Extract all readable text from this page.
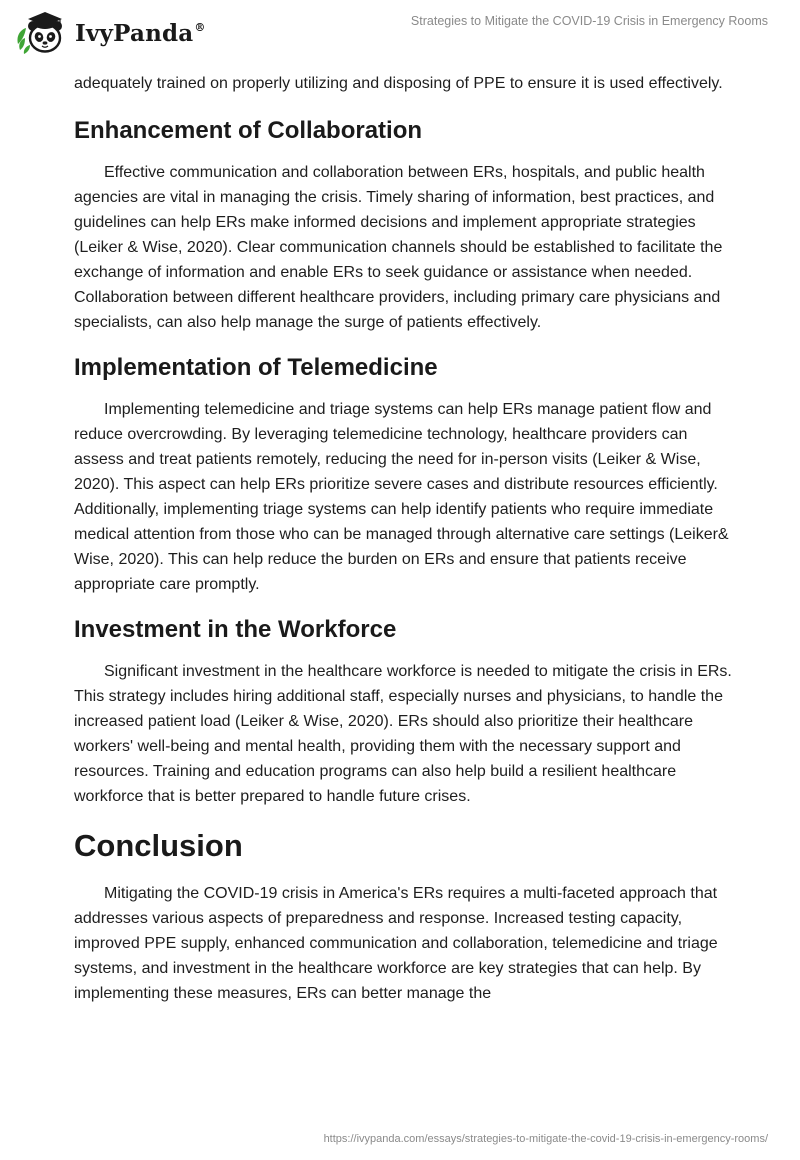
IvyPanda®	Strategies to Mitigate the COVID-19 Crisis in Emergency Rooms

adequately trained on properly utilizing and disposing of PPE to ensure it is used effectively.

Enhancement of Collaboration

Effective communication and collaboration between ERs, hospitals, and public health agencies are vital in managing the crisis. Timely sharing of information, best practices, and guidelines can help ERs make informed decisions and implement appropriate strategies (Leiker & Wise, 2020). Clear communication channels should be established to facilitate the exchange of information and enable ERs to seek guidance or assistance when needed. Collaboration between different healthcare providers, including primary care physicians and specialists, can also help manage the surge of patients effectively.

Implementation of Telemedicine

Implementing telemedicine and triage systems can help ERs manage patient flow and reduce overcrowding. By leveraging telemedicine technology, healthcare providers can assess and treat patients remotely, reducing the need for in-person visits (Leiker & Wise, 2020). This aspect can help ERs prioritize severe cases and distribute resources efficiently. Additionally, implementing triage systems can help identify patients who require immediate medical attention from those who can be managed through alternative care settings (Leiker& Wise, 2020). This can help reduce the burden on ERs and ensure that patients receive appropriate care promptly.

Investment in the Workforce

Significant investment in the healthcare workforce is needed to mitigate the crisis in ERs. This strategy includes hiring additional staff, especially nurses and physicians, to handle the increased patient load (Leiker & Wise, 2020). ERs should also prioritize their healthcare workers' well-being and mental health, providing them with the necessary support and resources. Training and education programs can also help build a resilient healthcare workforce that is better prepared to handle future crises.

Conclusion

Mitigating the COVID-19 crisis in America's ERs requires a multi-faceted approach that addresses various aspects of preparedness and response. Increased testing capacity, improved PPE supply, enhanced communication and collaboration, telemedicine and triage systems, and investment in the healthcare workforce are key strategies that can help. By implementing these measures, ERs can better manage the

https://ivypanda.com/essays/strategies-to-mitigate-the-covid-19-crisis-in-emergency-rooms/
